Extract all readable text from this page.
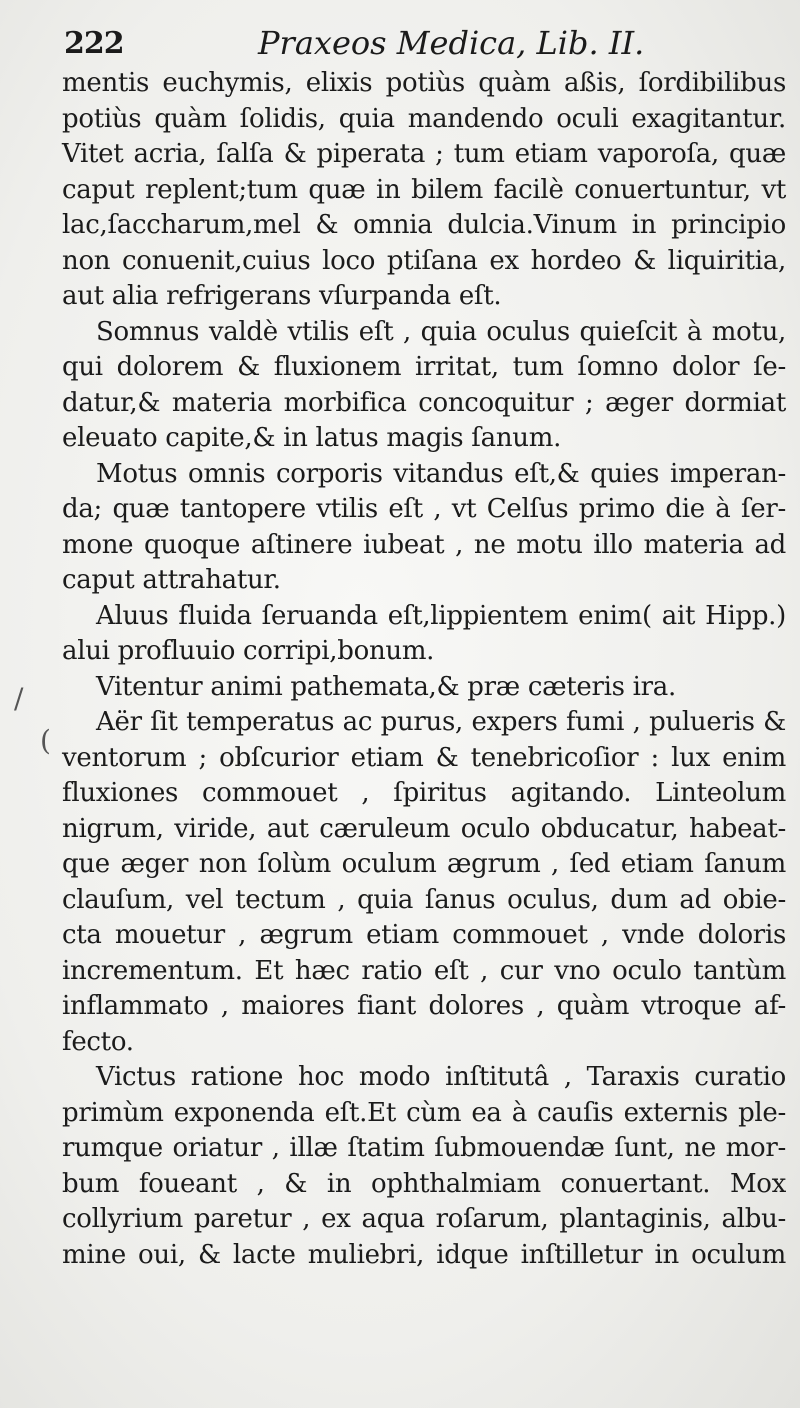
222	Praxeos Medica, Lib. II.
mentis euchymis, elixis potiùs quàm aßis, ſordibilibus
potiùs quàm ſolidis, quia mandendo oculi exagitantur.
Vitet acria, ſalſa & piperata ; tum etiam vaporoſa, quæ
caput replent;tum quæ in bilem facilè conuertuntur, vt
lac,ſaccharum,mel & omnia dulcia.Vinum in principio
non conuenit,cuius loco ptiſana ex hordeo & liquiritia,
aut alia refrigerans vſurpanda eſt.
Somnus valdè vtilis eſt , quia oculus quieſcit à motu,
qui dolorem & fluxionem irritat, tum ſomno dolor ſe-
datur,& materia morbifica concoquitur ; æger dormiat
eleuato capite,& in latus magis ſanum.
Motus omnis corporis vitandus eſt,& quies imperan-
da; quæ tantopere vtilis eſt , vt Celſus primo die à ſer-
mone quoque aſtinere iubeat , ne motu illo materia ad
caput attrahatur.
Aluus fluida ſeruanda eſt,lippientem enim( ait Hipp.)
alui profluuio corripi,bonum.
Vitentur animi pathemata,& præ cæteris ira.
Aër ſit temperatus ac purus, expers fumi , pulueris &
ventorum ; obſcurior etiam & tenebricoſior : lux enim
fluxiones commouet , ſpiritus agitando. Linteolum
nigrum, viride, aut cæruleum oculo obducatur, habeat-
que æger non ſolùm oculum ægrum , ſed etiam ſanum
clauſum, vel tectum , quia ſanus oculus, dum ad obie-
cta mouetur , ægrum etiam commouet , vnde doloris
incrementum. Et hæc ratio eſt , cur vno oculo tantùm
inflammato , maiores fiant dolores , quàm vtroque af-
fecto.
Victus ratione hoc modo inſtitutâ , Taraxis curatio
primùm exponenda eſt.Et cùm ea à cauſis externis ple-
rumque oriatur , illæ ſtatim ſubmouendæ ſunt, ne mor-
bum foueant , & in ophthalmiam conuertant. Mox
collyrium paretur , ex aqua roſarum, plantaginis, albu-
mine oui, & lacte muliebri, idque inſtilletur in oculum
/
(
